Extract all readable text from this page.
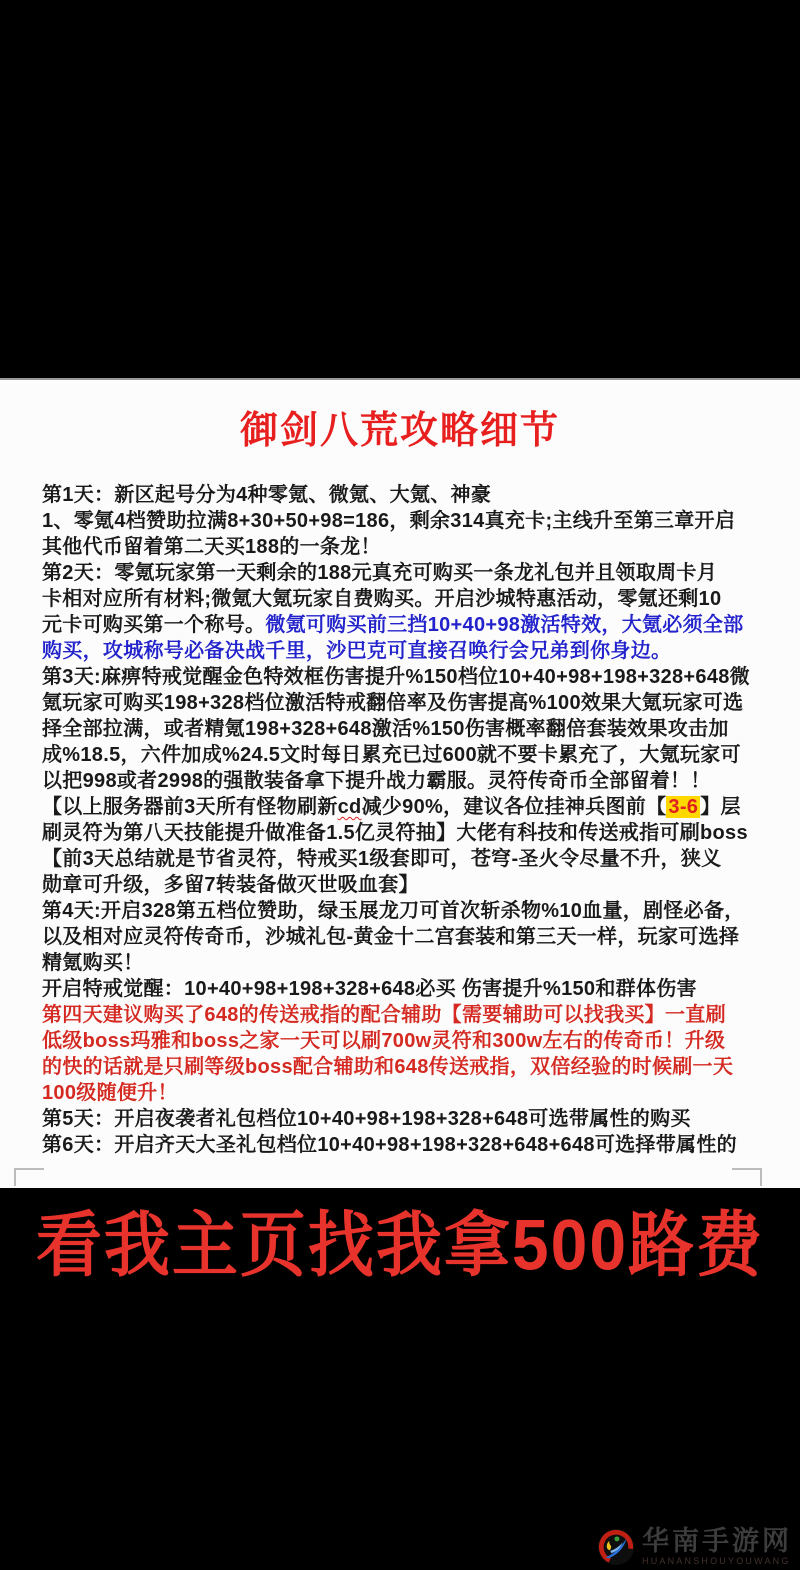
御剑八荒攻略细节
第1天：新区起号分为4种零氪、微氪、大氪、神豪
1、零氪4档赞助拉满8+30+50+98=186，剩余314真充卡;主线升至第三章开启
其他代币留着第二天买188的一条龙！
第2天：零氪玩家第一天剩余的188元真充可购买一条龙礼包并且领取周卡月
卡相对应所有材料;微氪大氪玩家自费购买。开启沙城特惠活动，零氪还剩10
元卡可购买第一个称号。微氪可购买前三挡10+40+98激活特效，大氪必须全部
购买，攻城称号必备决战千里，沙巴克可直接召唤行会兄弟到你身边。
第3天:麻痹特戒觉醒金色特效框伤害提升%150档位10+40+98+198+328+648微
氪玩家可购买198+328档位激活特戒翻倍率及伤害提高%100效果大氪玩家可选
择全部拉满，或者精氪198+328+648激活%150伤害概率翻倍套装效果攻击加
成%18.5，六件加成%24.5文时每日累充已过600就不要卡累充了，大氪玩家可
以把998或者2998的强散装备拿下提升战力霸服。灵符传奇币全部留着！！
【以上服务器前3天所有怪物刷新cd减少90%，建议各位挂神兵图前【 3-6 】层
刷灵符为第八天技能提升做准备1.5亿灵符抽】大佬有科技和传送戒指可刷boss
【前3天总结就是节省灵符，特戒买1级套即可，苍穹-圣火令尽量不升，狭义
勋章可升级，多留7转装备做灭世吸血套】
第4天:开启328第五档位赞助，绿玉展龙刀可首次斩杀物%10血量，剧怪必备，
以及相对应灵符传奇币，沙城礼包-黄金十二宫套装和第三天一样，玩家可选择
精氪购买！
开启特戒觉醒：10+40+98+198+328+648必买 伤害提升%150和群体伤害
第四天建议购买了648的传送戒指的配合辅助【需要辅助可以找我买】一直刷
低级boss玛雅和boss之家一天可以刷700w灵符和300w左右的传奇币！升级
的快的话就是只刷等级boss配合辅助和648传送戒指，双倍经验的时候刷一天
100级随便升！
第5天：开启夜袭者礼包档位10+40+98+198+328+648可选带属性的购买
第6天：开启齐天大圣礼包档位10+40+98+198+328+648+648可选择带属性的
看我主页找我拿500路费
华南手游网
HUANANSHOUYOUWANG
